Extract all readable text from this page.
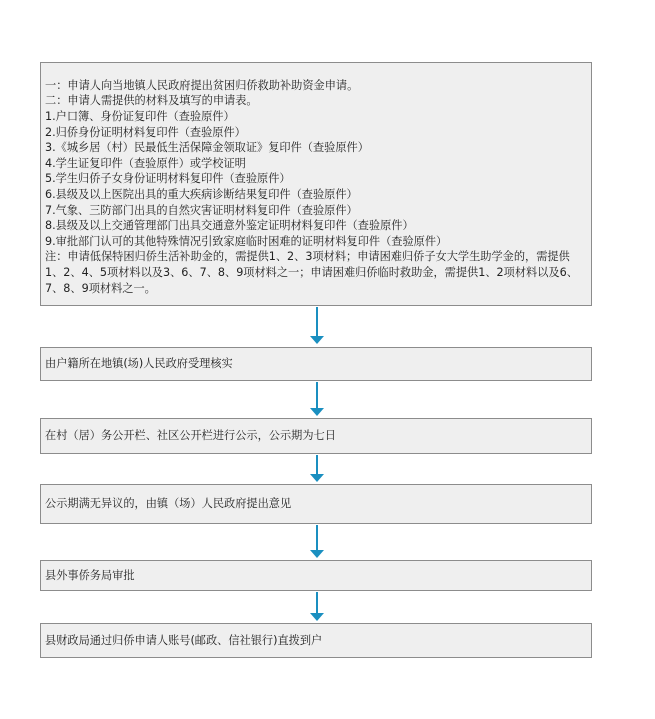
一：申请人向当地镇人民政府提出贫困归侨救助补助资金申请。
二：申请人需提供的材料及填写的申请表。
1.户口簿、身份证复印件（查验原件）
2.归侨身份证明材料复印件（查验原件）
3.《城乡居（村）民最低生活保障金领取证》复印件（查验原件）
4.学生证复印件（查验原件）或学校证明
5.学生归侨子女身份证明材料复印件（查验原件）
6.县级及以上医院出具的重大疾病诊断结果复印件（查验原件）
7.气象、三防部门出具的自然灾害证明材料复印件（查验原件）
8.县级及以上交通管理部门出具交通意外鉴定证明材料复印件（查验原件）
9.审批部门认可的其他特殊情况引致家庭临时困难的证明材料复印件（查验原件）
注：申请低保特困归侨生活补助金的，需提供1、2、3项材料；申请困难归侨子女大学生助学金的，需提供1、2、4、5项材料以及3、6、7、8、9项材料之一；申请困难归侨临时救助金，需提供1、2项材料以及6、7、8、9项材料之一。
由户籍所在地镇(场)人民政府受理核实
在村（居）务公开栏、社区公开栏进行公示，公示期为七日
公示期满无异议的，由镇（场）人民政府提出意见
县外事侨务局审批
县财政局通过归侨申请人账号(邮政、信社银行)直拨到户
